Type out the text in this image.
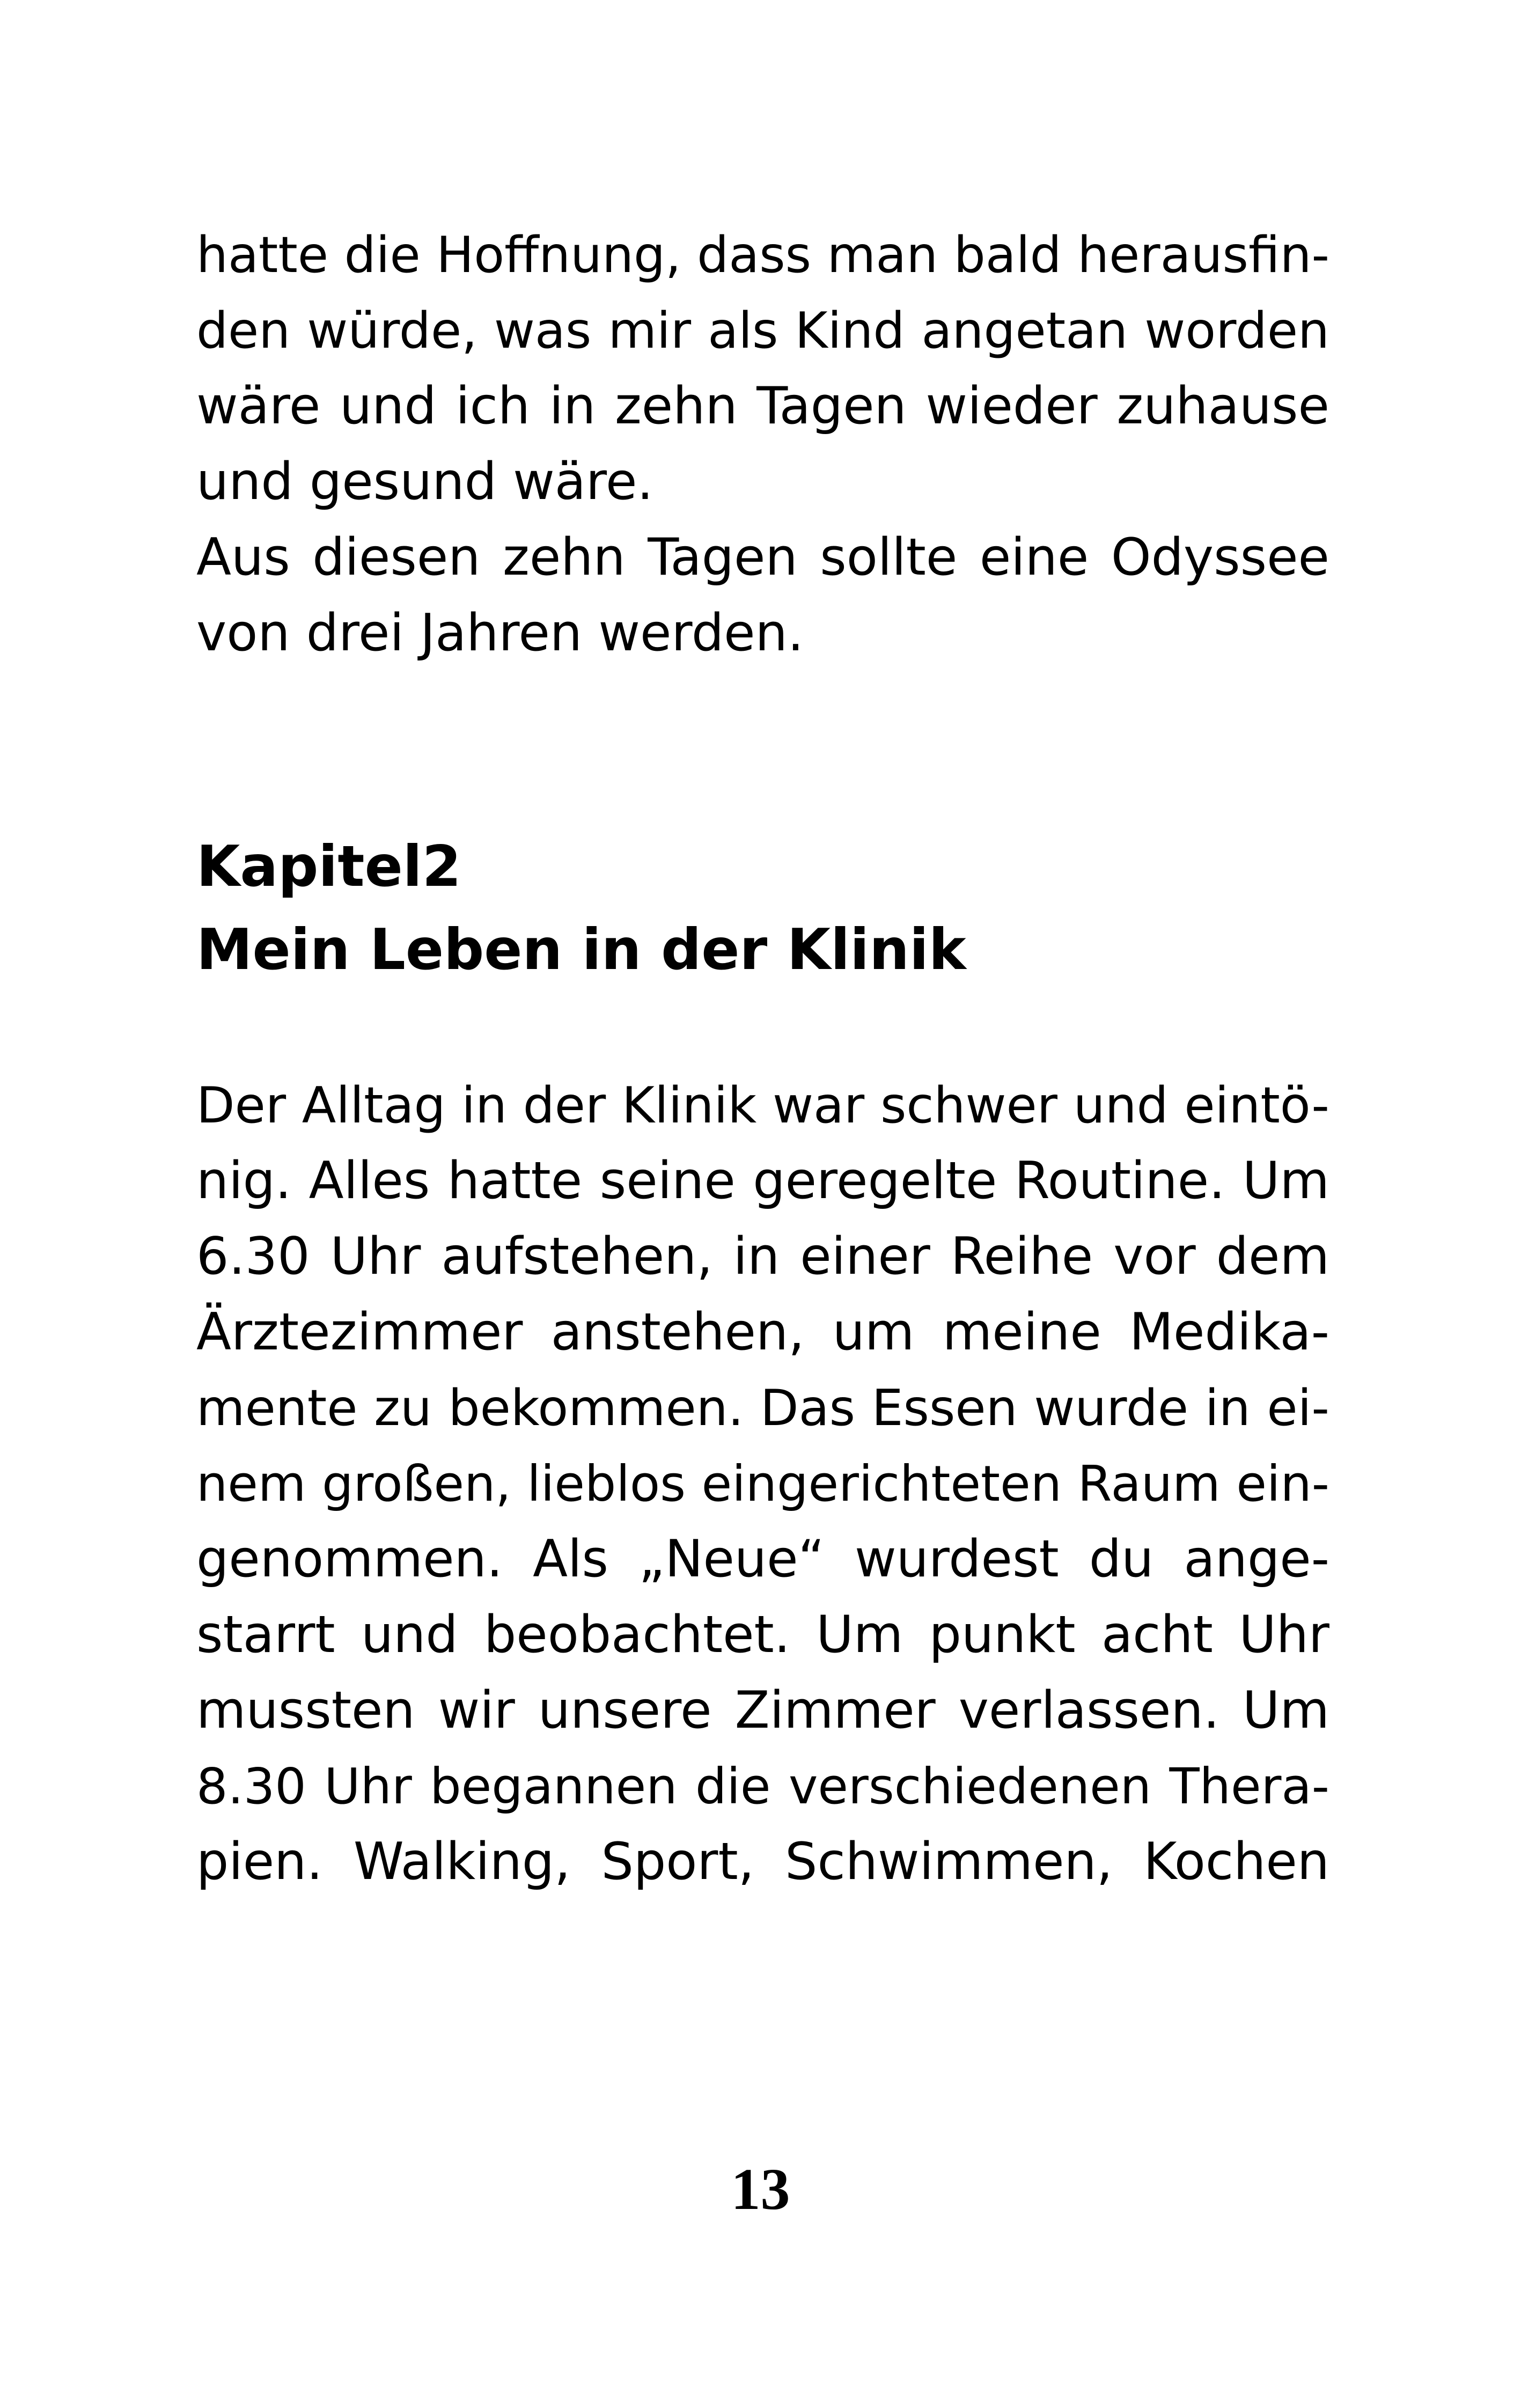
hatte die Hoffnung, dass man bald herausfin-
den würde, was mir als Kind angetan worden
wäre und ich in zehn Tagen wieder zuhause
und gesund wäre.
Aus diesen zehn Tagen sollte eine Odyssee
von drei Jahren werden.
Kapitel2
Mein Leben in der Klinik
Der Alltag in der Klinik war schwer und eintö-
nig. Alles hatte seine geregelte Routine. Um
6.30 Uhr aufstehen, in einer Reihe vor dem
Ärztezimmer anstehen, um meine Medika-
mente zu bekommen. Das Essen wurde in ei-
nem großen, lieblos eingerichteten Raum ein-
genommen. Als „Neue“ wurdest du ange-
starrt und beobachtet. Um punkt acht Uhr
mussten wir unsere Zimmer verlassen. Um
8.30 Uhr begannen die verschiedenen Thera-
pien. Walking, Sport, Schwimmen, Kochen
13
